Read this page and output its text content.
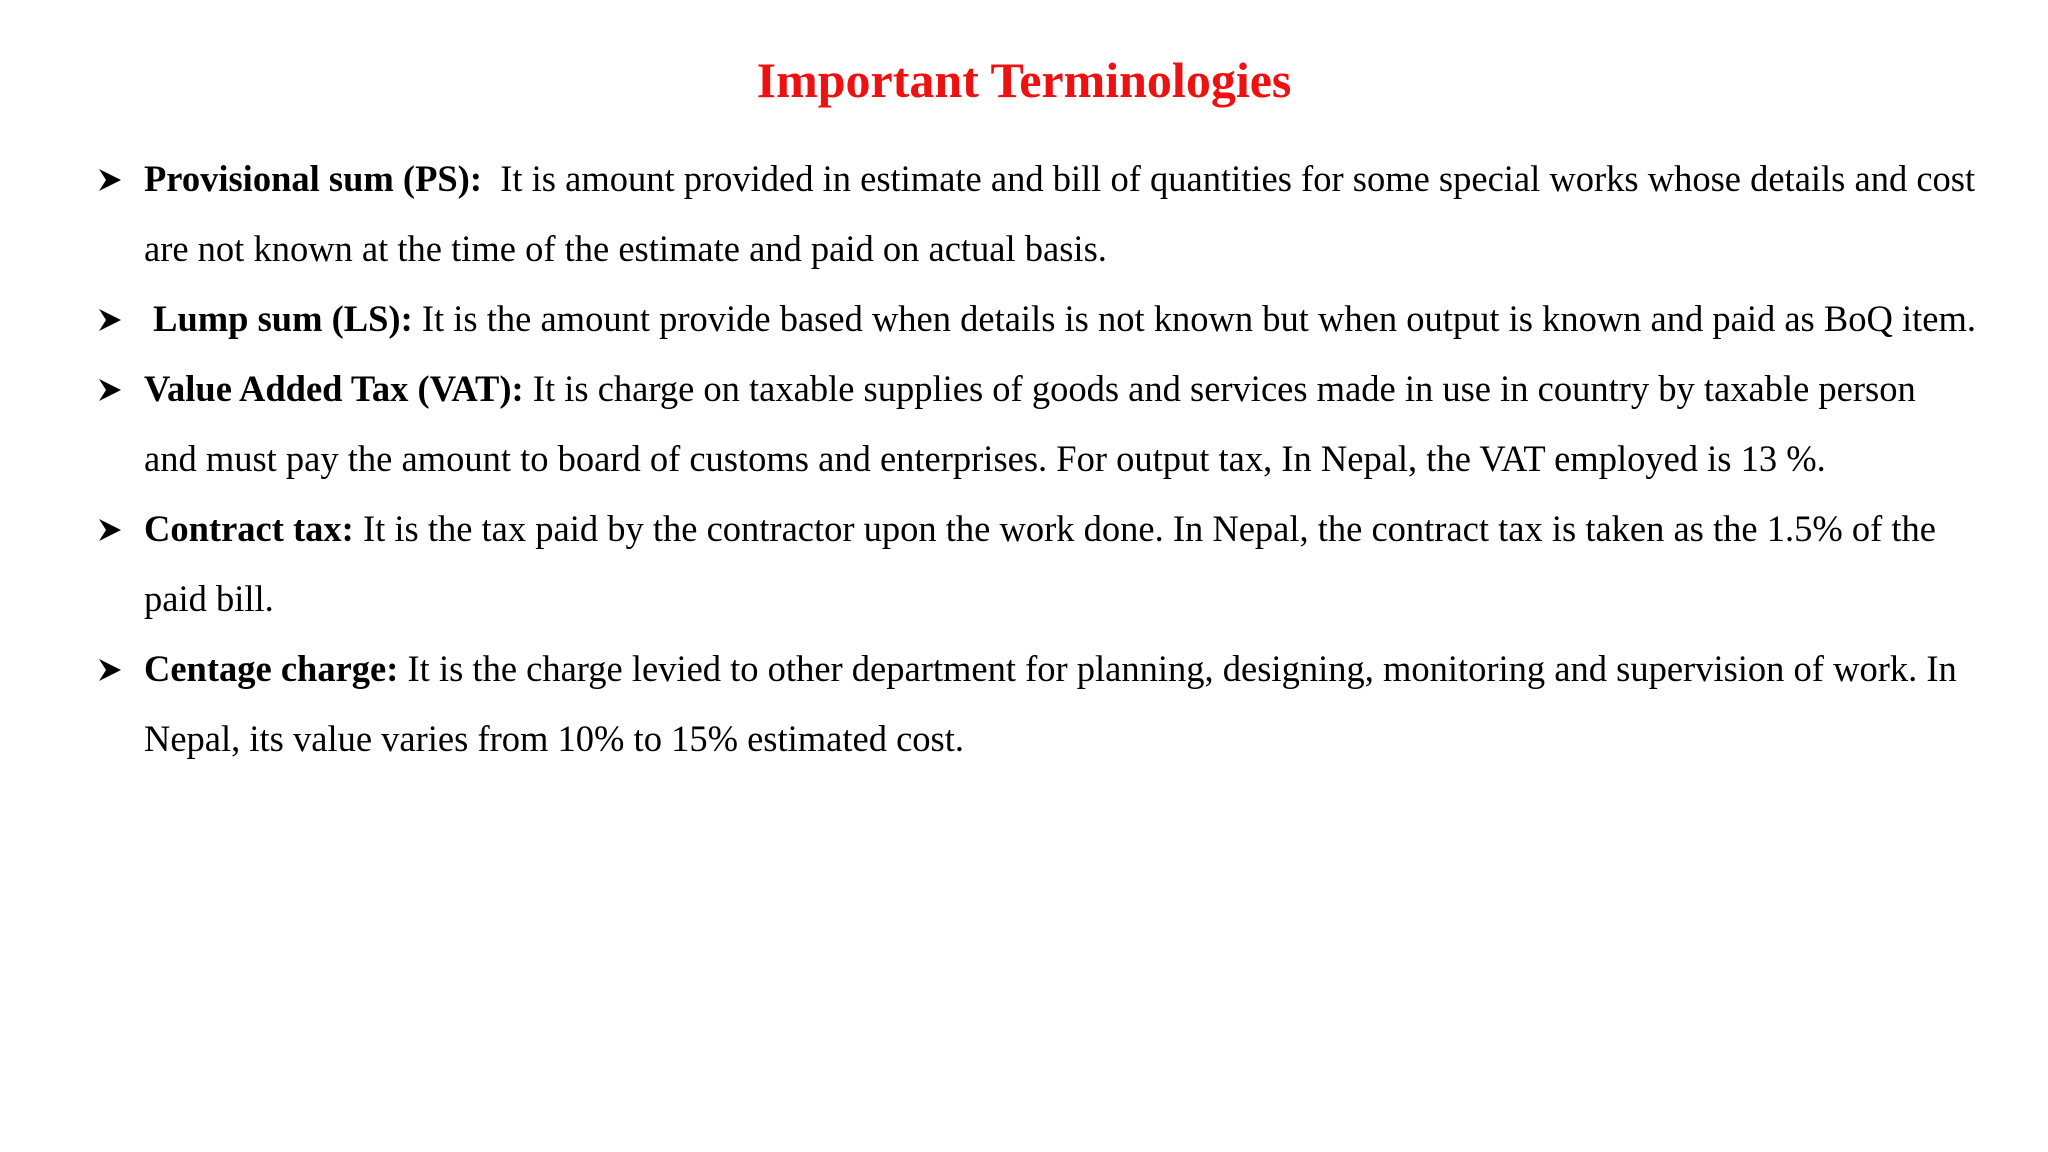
Important Terminologies
Provisional sum (PS): It is amount provided in estimate and bill of quantities for some special works whose details and cost are not known at the time of the estimate and paid on actual basis.
Lump sum (LS): It is the amount provide based when details is not known but when output is known and paid as BoQ item.
Value Added Tax (VAT): It is charge on taxable supplies of goods and services made in use in country by taxable person and must pay the amount to board of customs and enterprises. For output tax, In Nepal, the VAT employed is 13 %.
Contract tax: It is the tax paid by the contractor upon the work done. In Nepal, the contract tax is taken as the 1.5% of the paid bill.
Centage charge: It is the charge levied to other department for planning, designing, monitoring and supervision of work. In Nepal, its value varies from 10% to 15% estimated cost.
